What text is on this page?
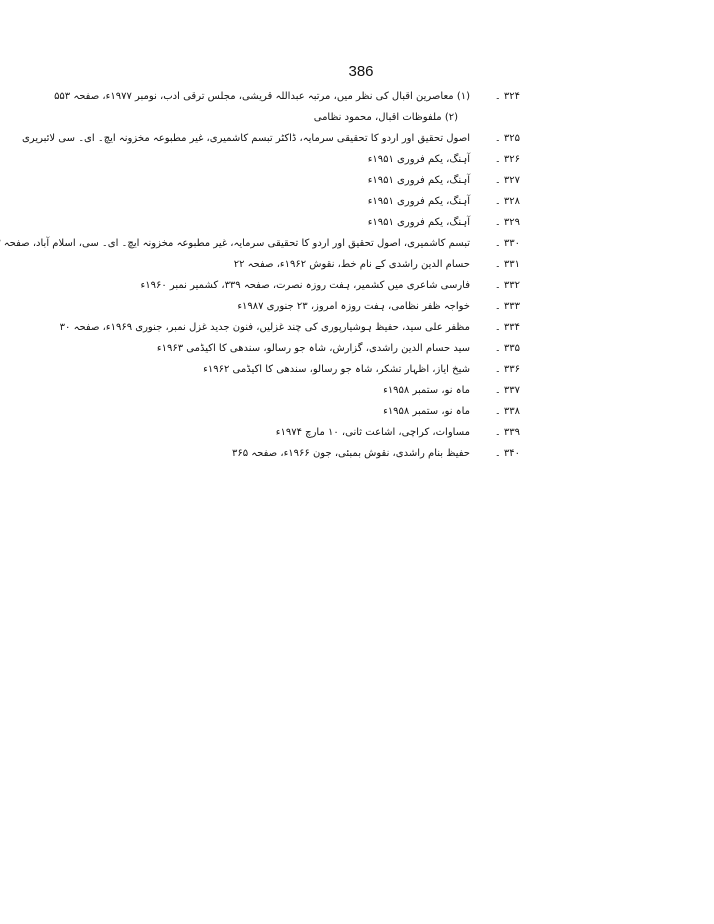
386
۳۲۴ ۔
(۱) معاصرین اقبال کی نظر میں، مرتبہ عبداللہ قریشی، مجلس ترقی ادب، نومبر ۱۹۷۷ء، صفحہ ۵۵۳
(۲) ملفوظات اقبال، محمود نظامی
۳۲۵ ۔
اصول تحقیق اور اردو کا تحقیقی سرمایہ، ڈاکٹر تبسم کاشمیری، غیر مطبوعہ مخزونہ ایچ۔ ای۔ سی لائبریری
۳۲۶ ۔
آہنگ، یکم فروری ۱۹۵۱ء
۳۲۷ ۔
آہنگ، یکم فروری ۱۹۵۱ء
۳۲۸ ۔
آہنگ، یکم فروری ۱۹۵۱ء
۳۲۹ ۔
آہنگ، یکم فروری ۱۹۵۱ء
۳۳۰ ۔
تبسم کاشمیری، اصول تحقیق اور اردو کا تحقیقی سرمایہ، غیر مطبوعہ مخزونہ ایچ۔ ای۔ سی، اسلام آباد، صفحہ
۳۳۱ ۔
حسام الدین راشدی کے نام خط، نقوش ۱۹۶۲ء، صفحہ ۲۲
۳۳۲ ۔
فارسی شاعری میں کشمیر، ہفت روزہ نصرت، صفحہ ۳۳۹، کشمیر نمبر ۱۹۶۰ء
۳۳۳ ۔
خواجہ ظفر نظامی، ہفت روزہ امروز، ۲۳ جنوری ۱۹۸۷ء
۳۳۴ ۔
مظفر علی سید، حفیظ ہوشیارپوری کی چند غزلیں، فنون جدید غزل نمبر، جنوری ۱۹۶۹ء، صفحہ ۳۰
۳۳۵ ۔
سید حسام الدین راشدی، گزارش، شاہ جو رسالو، سندھی کا اکیڈمی ۱۹۶۳ء
۳۳۶ ۔
شیخ ایاز، اظہار تشکر، شاہ جو رسالو، سندھی کا اکیڈمی ۱۹۶۲ء
۳۳۷ ۔
ماہ نو، ستمبر ۱۹۵۸ء
۳۳۸ ۔
ماہ نو، ستمبر ۱۹۵۸ء
۳۳۹ ۔
مساوات، کراچی، اشاعت ثانی، ۱۰ مارچ ۱۹۷۴ء
۳۴۰ ۔
حفیظ بنام راشدی، نقوش بمبئی، جون ۱۹۶۶ء، صفحہ ۳۶۵
